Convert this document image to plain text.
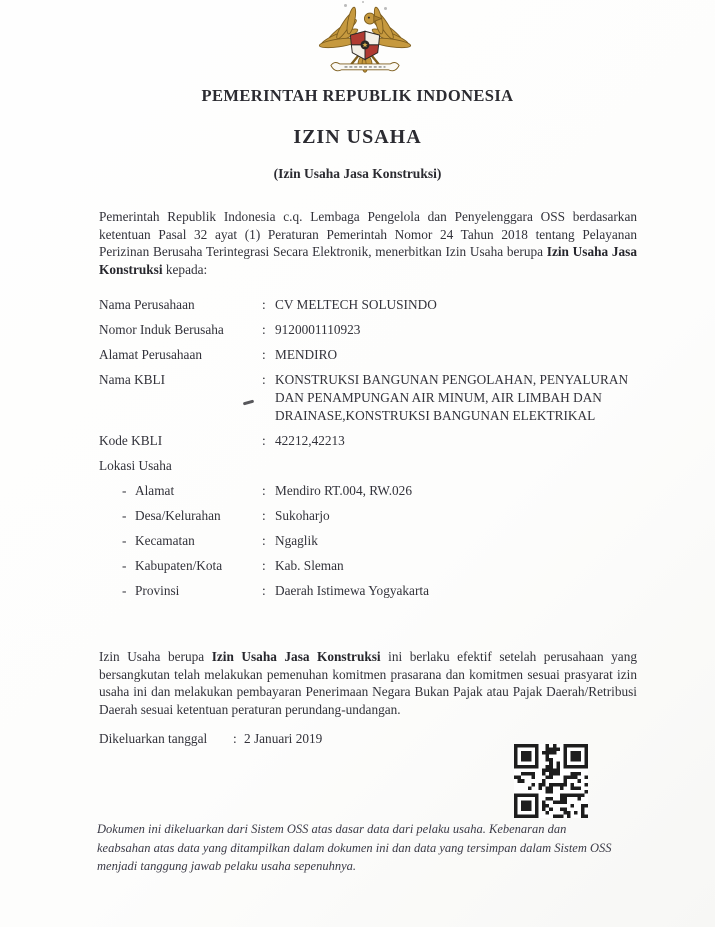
PEMERINTAH REPUBLIK INDONESIA
IZIN USAHA
(Izin Usaha Jasa Konstruksi)

Pemerintah Republik Indonesia c.q. Lembaga Pengelola dan Penyelenggara OSS berdasarkan ketentuan Pasal 32 ayat (1) Peraturan Pemerintah Nomor 24 Tahun 2018 tentang Pelayanan Perizinan Berusaha Terintegrasi Secara Elektronik, menerbitkan Izin Usaha berupa Izin Usaha Jasa Konstruksi kepada:

Nama Perusahaan	: CV MELTECH SOLUSINDO
Nomor Induk Berusaha	: 9120001110923
Alamat Perusahaan	: MENDIRO
Nama KBLI	: KONSTRUKSI BANGUNAN PENGOLAHAN, PENYALURAN DAN PENAMPUNGAN AIR MINUM, AIR LIMBAH DAN DRAINASE,KONSTRUKSI BANGUNAN ELEKTRIKAL
Kode KBLI	: 42212,42213
Lokasi Usaha
- Alamat	: Mendiro RT.004, RW.026
- Desa/Kelurahan	: Sukoharjo
- Kecamatan	: Ngaglik
- Kabupaten/Kota	: Kab. Sleman
- Provinsi	: Daerah Istimewa Yogyakarta

Izin Usaha berupa Izin Usaha Jasa Konstruksi ini berlaku efektif setelah perusahaan yang bersangkutan telah melakukan pemenuhan komitmen prasarana dan komitmen sesuai prasyarat izin usaha ini dan melakukan pembayaran Penerimaan Negara Bukan Pajak atau Pajak Daerah/Retribusi Daerah sesuai ketentuan peraturan perundang-undangan.

Dikeluarkan tanggal	: 2 Januari 2019

Dokumen ini dikeluarkan dari Sistem OSS atas dasar data dari pelaku usaha. Kebenaran dan keabsahan atas data yang ditampilkan dalam dokumen ini dan data yang tersimpan dalam Sistem OSS menjadi tanggung jawab pelaku usaha sepenuhnya.
